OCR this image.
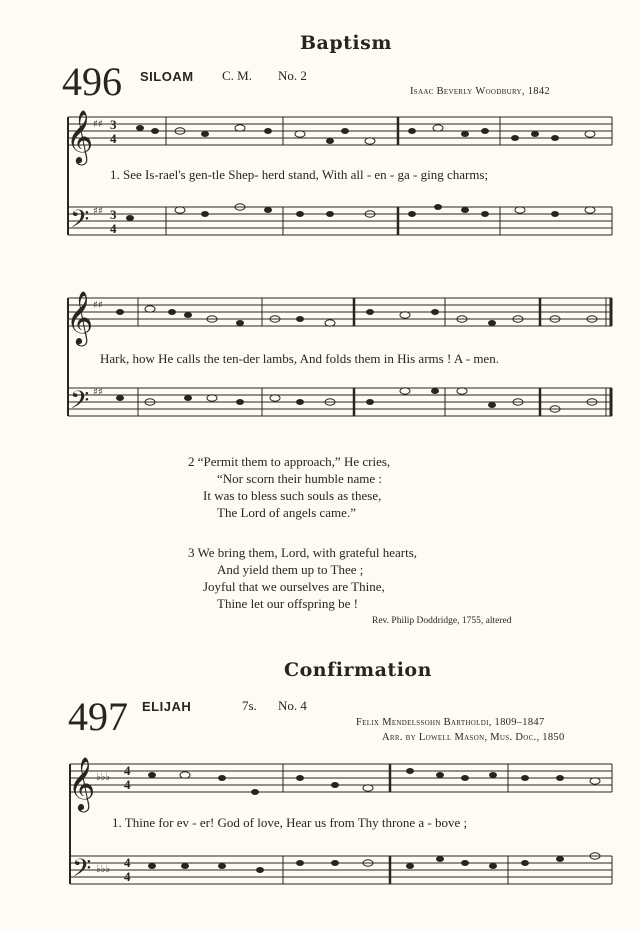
Baptism
496 SILOAM C. M. No. 2
Isaac Beverly Woodbury, 1842
𝄞
𝄢
♯♯
♯♯
3
4
3
4
1. See Is-rael's gen-tle Shep- herd stand, With all - en - ga - ging charms;
𝄞
𝄢
♯♯
♯♯
Hark, how He calls the ten-der lambs, And folds them in His arms ! A - men.
2 “Permit them to approach,” He cries,
“Nor scorn their humble name :
It was to bless such souls as these,
The Lord of angels came.”
3 We bring them, Lord, with grateful hearts,
And yield them up to Thee ;
Joyful that we ourselves are Thine,
Thine let our offspring be !
Rev. Philip Doddridge, 1755, altered
Confirmation
497 ELIJAH	7s. No. 4
Felix Mendelssohn Bartholdi, 1809–1847
Arr. by Lowell Mason, Mus. Doc., 1850
𝄞
𝄢
♭♭♭
♭♭♭
4
4
4
4
1. Thine for ev - er! God of love, Hear us from Thy throne a - bove ;
